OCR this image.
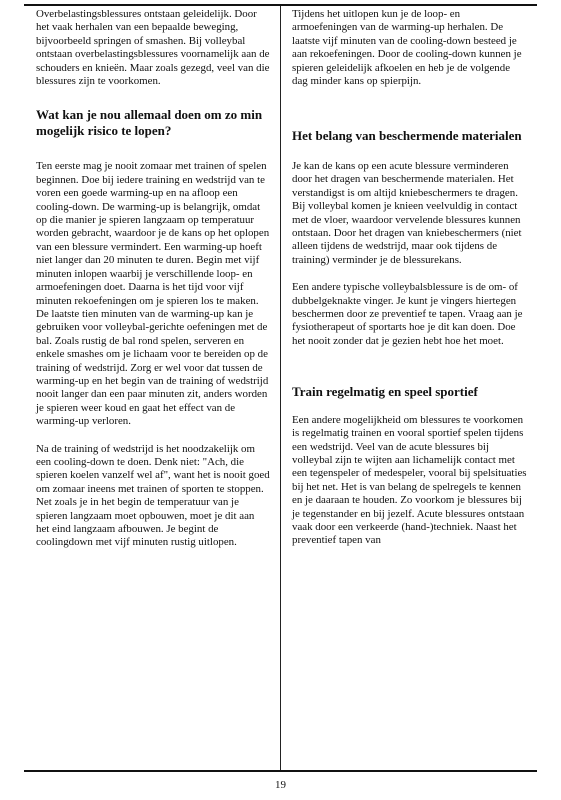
Overbelastingsblessures ontstaan geleidelijk. Door het vaak herhalen van een bepaalde beweging, bijvoorbeeld springen of smashen. Bij volleybal ontstaan overbelastingsblessures voornamelijk aan de schouders en knieën. Maar zoals gezegd, veel van die blessures zijn te voorkomen.

Wat kan je nou allemaal doen om zo min mogelijk risico te lopen?

Ten eerste mag je nooit zomaar met trainen of spelen beginnen. Doe bij iedere training en wedstrijd van te voren een goede warming-up en na afloop een cooling-down. De warming-up is belangrijk, omdat op die manier je spieren langzaam op temperatuur worden gebracht, waardoor je de kans op het oplopen van een blessure vermindert. Een warming-up hoeft niet langer dan 20 minuten te duren. Begin met vijf minuten inlopen waarbij je verschillende loop- en armoefeningen doet. Daarna is het tijd voor vijf minuten rekoefeningen om je spieren los te maken. De laatste tien minuten van de warming-up kan je gebruiken voor volleybal-gerichte oefeningen met de bal. Zoals rustig de bal rond spelen, serveren en enkele smashes om je lichaam voor te bereiden op de training of wedstrijd. Zorg er wel voor dat tussen de warming-up en het begin van de training of wedstrijd nooit langer dan een paar minuten zit, anders worden je spieren weer koud en gaat het effect van de warming-up verloren.

Na de training of wedstrijd is het noodzakelijk om een cooling-down te doen. Denk niet: "Ach, die spieren koelen vanzelf wel af", want het is nooit goed om zomaar ineens met trainen of sporten te stoppen. Net zoals je in het begin de temperatuur van je spieren langzaam moet opbouwen, moet je dit aan het eind langzaam afbouwen. Je begint de coolingdown met vijf minuten rustig uitlopen.

Tijdens het uitlopen kun je de loop- en armoefeningen van de warming-up herhalen. De laatste vijf minuten van de cooling-down besteed je aan rekoefeningen. Door de cooling-down kunnen je spieren geleidelijk afkoelen en heb je de volgende dag minder kans op spierpijn.

Het belang van beschermende materialen

Je kan de kans op een acute blessure verminderen door het dragen van beschermende materialen. Het verstandigst is om altijd kniebeschermers te dragen. Bij volleybal komen je knieen veelvuldig in contact met de vloer, waardoor vervelende blessures kunnen ontstaan. Door het dragen van kniebeschermers (niet alleen tijdens de wedstrijd, maar ook tijdens de training) verminder je de blessurekans.

Een andere typische volleybalsblessure is de om- of dubbelgeknakte vinger. Je kunt je vingers hiertegen beschermen door ze preventief te tapen. Vraag aan je fysiotherapeut of sportarts hoe je dit kan doen. Doe het nooit zonder dat je gezien hebt hoe het moet.

Train regelmatig en speel sportief

Een andere mogelijkheid om blessures te voorkomen is regelmatig trainen en vooral sportief spelen tijdens een wedstrijd. Veel van de acute blessures bij volleybal zijn te wijten aan lichamelijk contact met een tegenspeler of medespeler, vooral bij spelsituaties bij het net. Het is van belang de spelregels te kennen en je daaraan te houden. Zo voorkom je blessures bij je tegenstander en bij jezelf. Acute blessures ontstaan vaak door een verkeerde (hand-)techniek. Naast het preventief tapen van

19
